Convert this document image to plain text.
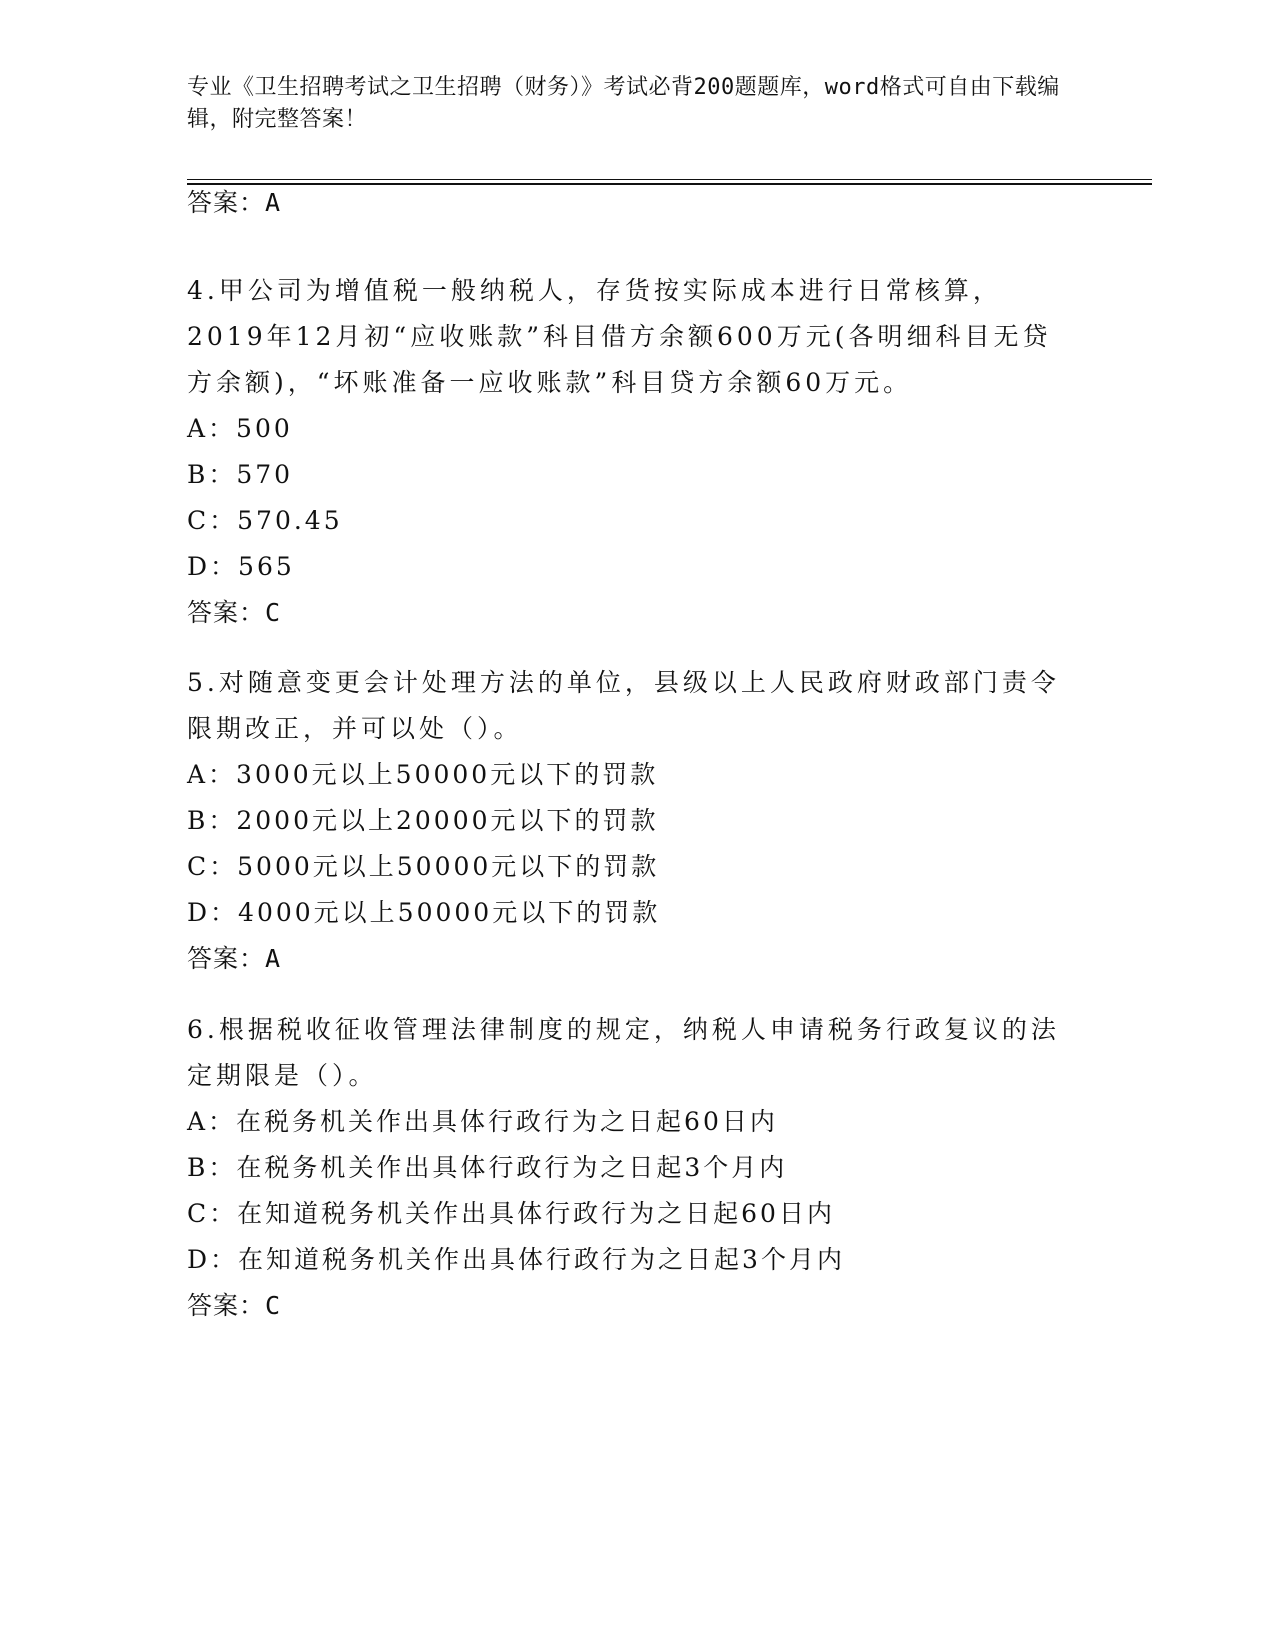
专业《卫生招聘考试之卫生招聘（财务）》考试必背200题题库，word格式可自由下载编辑，附完整答案！
答案：A
4.甲公司为增值税一般纳税人，存货按实际成本进行日常核算，2019年12月初“应收账款”科目借方余额600万元(各明细科目无贷方余额)，“坏账准备一应收账款”科目贷方余额60万元。
A：500
B：570
C：570.45
D：565
答案：C
5.对随意变更会计处理方法的单位，县级以上人民政府财政部门责令限期改正，并可以处（）。
A：3000元以上50000元以下的罚款
B：2000元以上20000元以下的罚款
C：5000元以上50000元以下的罚款
D：4000元以上50000元以下的罚款
答案：A
6.根据税收征收管理法律制度的规定，纳税人申请税务行政复议的法定期限是（）。
A：在税务机关作出具体行政行为之日起60日内
B：在税务机关作出具体行政行为之日起3个月内
C：在知道税务机关作出具体行政行为之日起60日内
D：在知道税务机关作出具体行政行为之日起3个月内
答案：C
